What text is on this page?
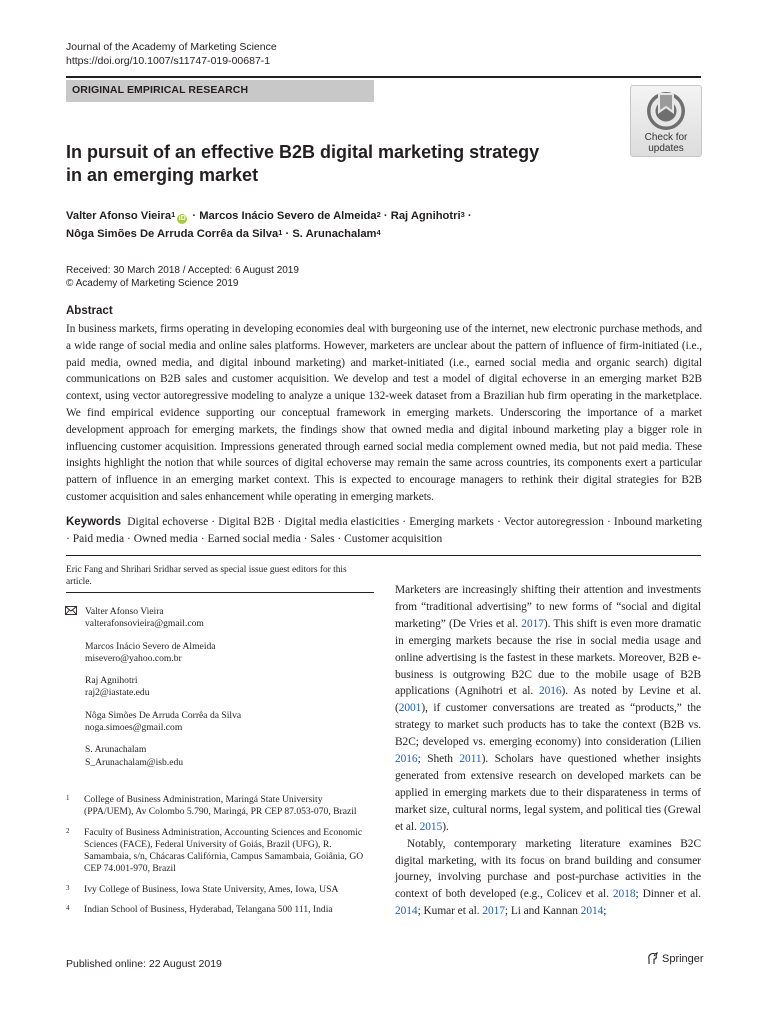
Journal of the Academy of Marketing Science
https://doi.org/10.1007/s11747-019-00687-1
ORIGINAL EMPIRICAL RESEARCH
Check for
updates
In pursuit of an effective B2B digital marketing strategy
in an emerging market
Valter Afonso Vieira$^1$ iD · Marcos Inácio Severo de Almeida$^2$ · Raj Agnihotri$^3$ ·
Nôga Simões De Arruda Corrêa da Silva$^1$ · S. Arunachalam$^4$
Received: 30 March 2018 / Accepted: 6 August 2019
© Academy of Marketing Science 2019
Abstract
In business markets, firms operating in developing economies deal with burgeoning use of the internet, new electronic purchase methods, and a wide range of social media and online sales platforms. However, marketers are unclear about the pattern of influence of firm-initiated (i.e., paid media, owned media, and digital inbound marketing) and market-initiated (i.e., earned social media and organic search) digital communications on B2B sales and customer acquisition. We develop and test a model of digital echoverse in an emerging market B2B context, using vector autoregressive modeling to analyze a unique 132-week dataset from a Brazilian hub firm operating in the marketplace. We find empirical evidence supporting our conceptual framework in emerging markets. Underscoring the importance of a market development approach for emerging markets, the findings show that owned media and digital inbound marketing play a bigger role in influencing customer acquisition. Impressions generated through earned social media complement owned media, but not paid media. These insights highlight the notion that while sources of digital echoverse may remain the same across countries, its components exert a particular pattern of influence in an emerging market context. This is expected to encourage managers to rethink their digital strategies for B2B customer acquisition and sales enhancement while operating in emerging markets.
Keywords Digital echoverse · Digital B2B · Digital media elasticities · Emerging markets · Vector autoregression · Inbound marketing · Paid media · Owned media · Earned social media · Sales · Customer acquisition
Eric Fang and Shrihari Sridhar served as special issue guest editors for this article.
Valter Afonso Vieira
valterafonsovieira@gmail.com
Marcos Inácio Severo de Almeida
misevero@yahoo.com.br
Raj Agnihotri
raj2@iastate.edu
Nôga Simões De Arruda Corrêa da Silva
noga.simoes@gmail.com
S. Arunachalam
S_Arunachalam@isb.edu
1 College of Business Administration, Maringá State University (PPA/UEM), Av Colombo 5.790, Maringá, PR CEP 87.053-070, Brazil
2 Faculty of Business Administration, Accounting Sciences and Economic Sciences (FACE), Federal University of Goiás, Brazil (UFG), R. Samambaia, s/n, Chácaras Califórnia, Campus Samambaia, Goiânia, GO CEP 74.001-970, Brazil
3 Ivy College of Business, Iowa State University, Ames, Iowa, USA
4 Indian School of Business, Hyderabad, Telangana 500 111, India

Marketers are increasingly shifting their attention and investments from “traditional advertising” to new forms of “social and digital marketing” (De Vries et al. 2017). This shift is even more dramatic in emerging markets because the rise in social media usage and online advertising is the fastest in these markets. Moreover, B2B e-business is outgrowing B2C due to the mobile usage of B2B applications (Agnihotri et al. 2016). As noted by Levine et al. (2001), if customer conversations are treated as “products,” the strategy to market such products has to take the context (B2B vs. B2C; developed vs. emerging economy) into consideration (Lilien 2016; Sheth 2011). Scholars have questioned whether insights generated from extensive research on developed markets can be applied in emerging markets due to their disparateness in terms of market size, cultural norms, legal system, and political ties (Grewal et al. 2015).

Notably, contemporary marketing literature examines B2C digital marketing, with its focus on brand building and consumer journey, involving purchase and post-purchase activities in the context of both developed (e.g., Colicev et al. 2018; Dinner et al. 2014; Kumar et al. 2017; Li and Kannan 2014;

Published online: 22 August 2019	Springer
